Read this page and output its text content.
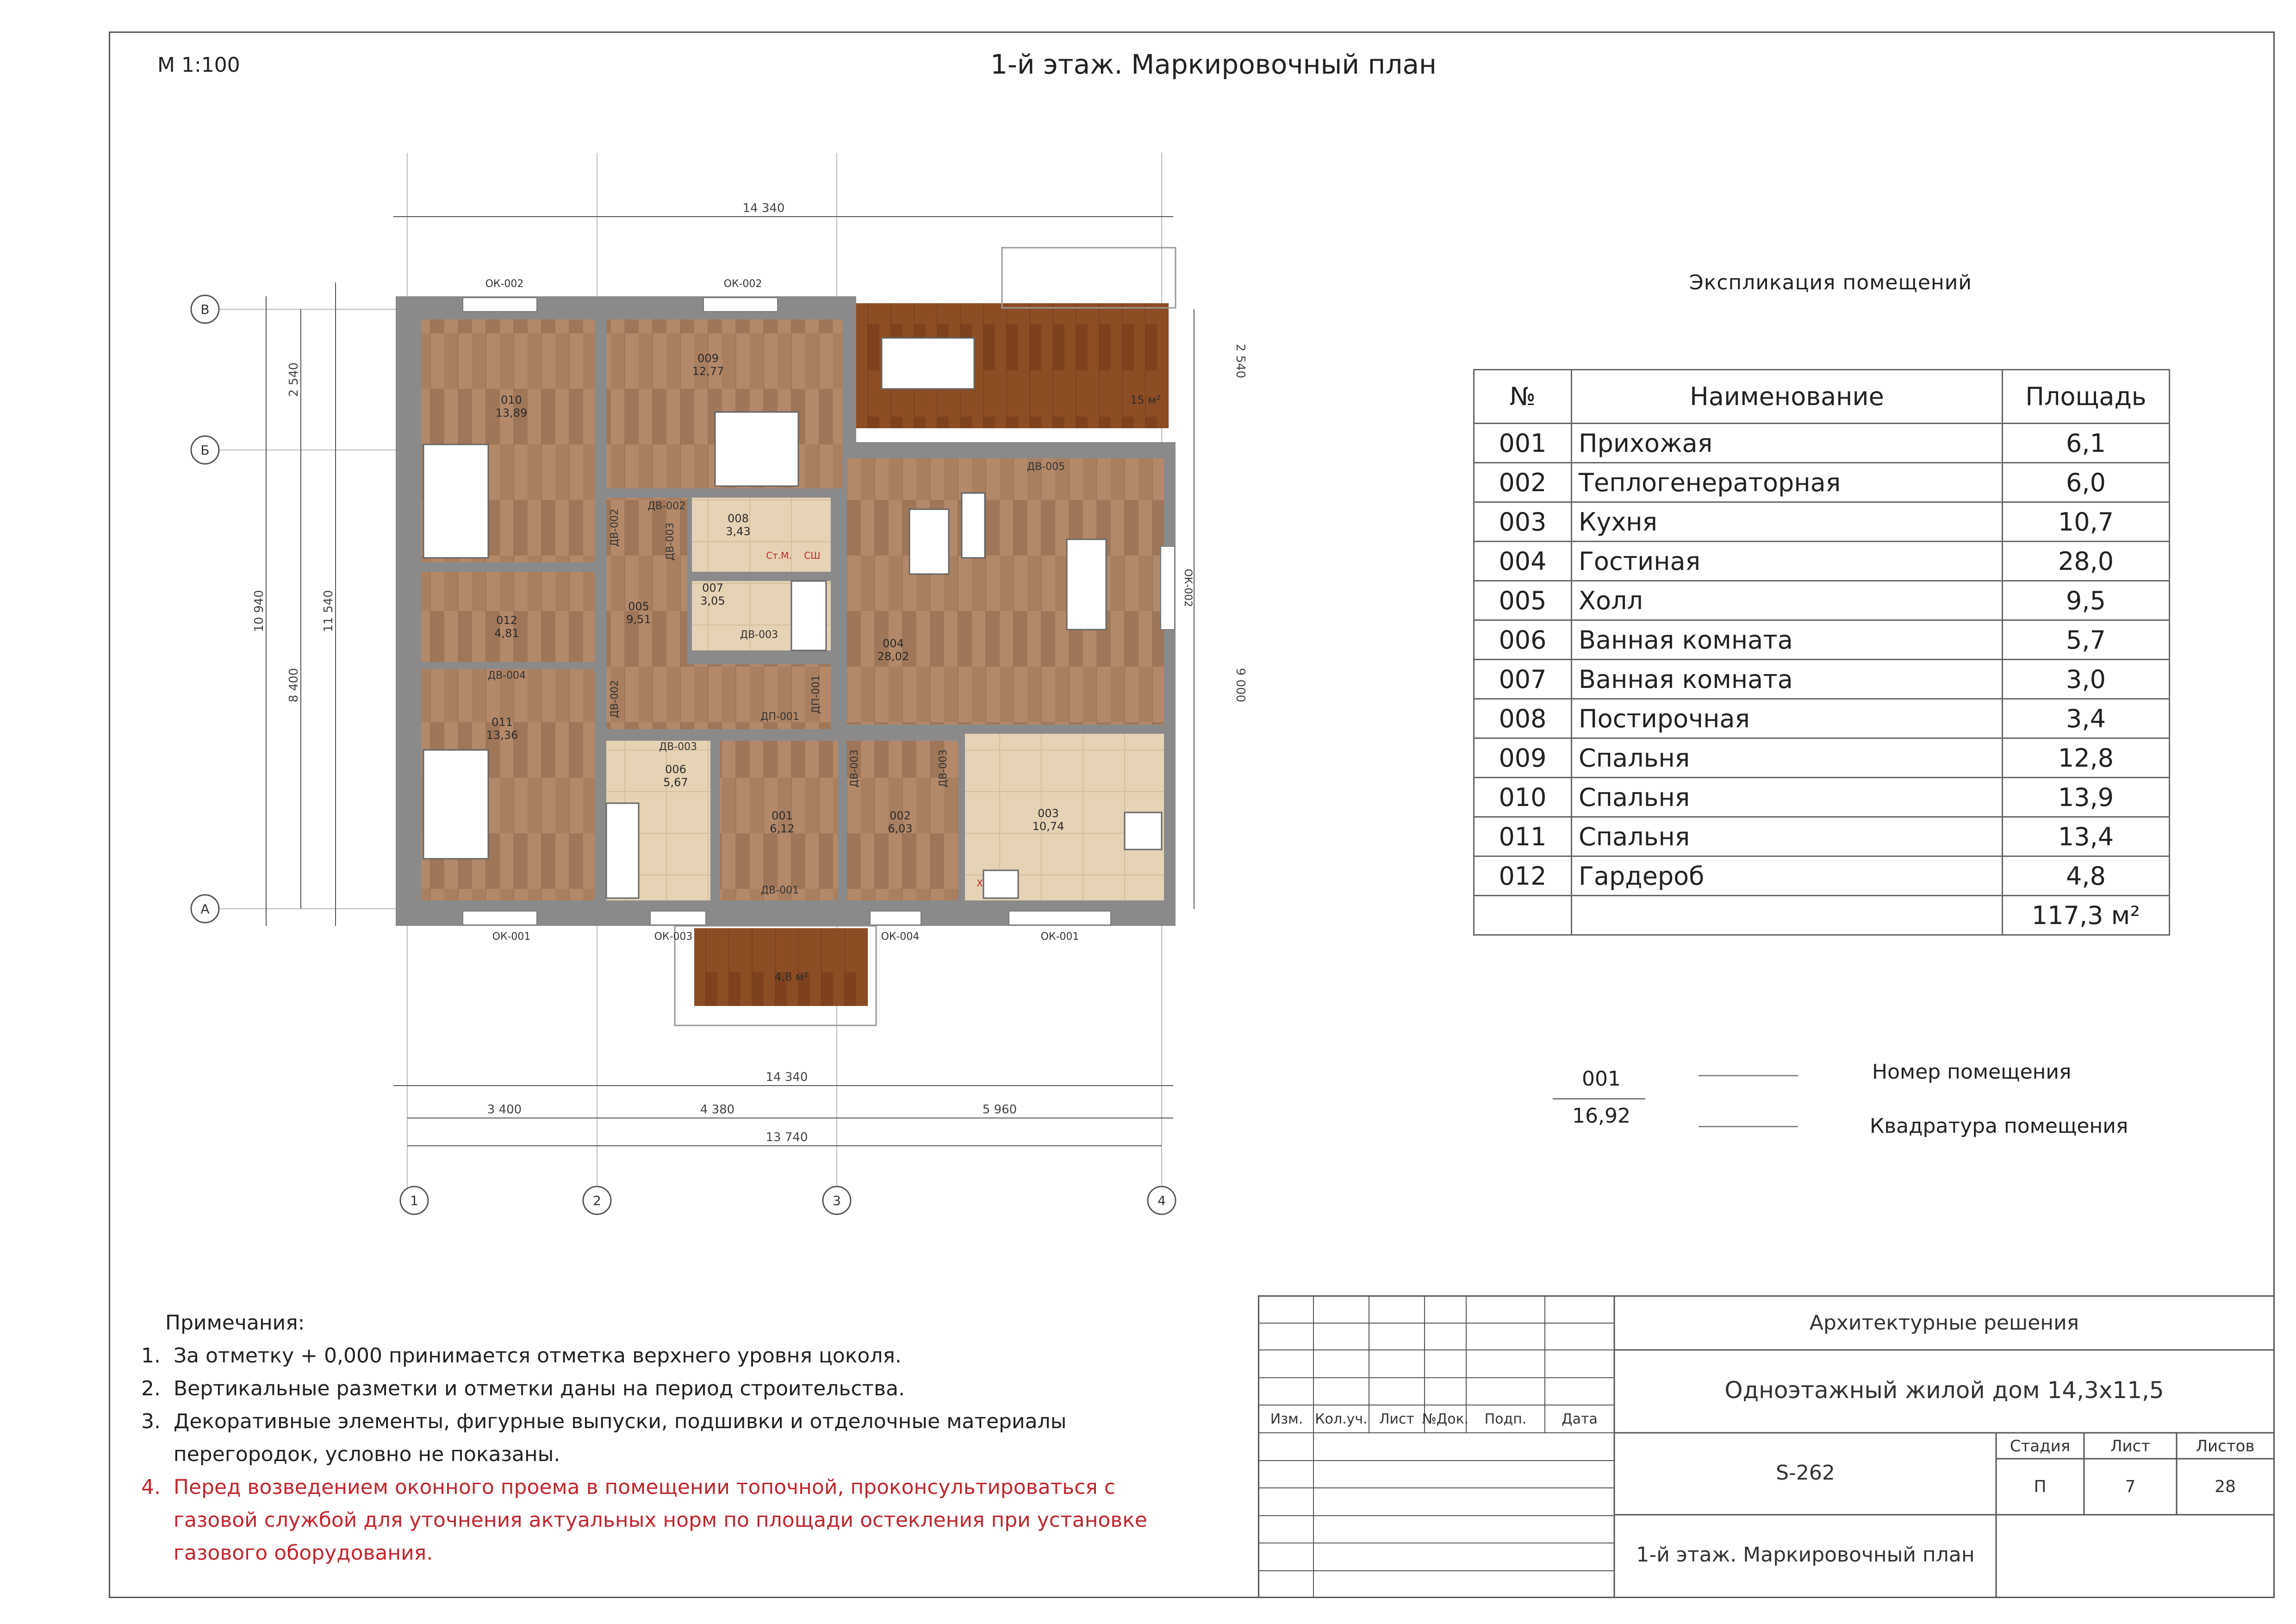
М 1:100	1-й этаж. Маркировочный план
14 340
14 340
3 400	4 380	5 960
13 740
10 940	11 540
2 540
8 400
2 540
9 000
В
Б
А
1	2	3	4
ОК-002	ОК-002
ОК-002
ОК-001	ОК-003	ОК-004	ОК-001
ДВ-005
ДВ-002
ДВ-002	ДВ-003
ДВ-003
ДВ-004
ДВ-002	ДП-001
ДП-001
ДВ-003
ДВ-003	ДВ-003
ДВ-001
010
13,89
009
12,77
008
3,43
007
3,05
012
4,81
005
9,51
004
28,02
011
13,36
006
5,67
001
6,12
002
6,03
003
10,74
15 м²
4,8 м²
Ст.М. СШ
X
Экспликация помещений
№	Наименование	Площадь
001	Прихожая	6,1
002	Теплогенераторная	6,0
003	Кухня	10,7
004	Гостиная	28,0
005	Холл	9,5
006	Ванная комната	5,7
007	Ванная комната	3,0
008	Постирочная	3,4
009	Спальня	12,8
010	Спальня	13,9
011	Спальня	13,4
012	Гардероб	4,8
		117,3 м²
001
16,92
Номер помещения
Квадратура помещения
Примечания:
1.  За отметку + 0,000 принимается отметка верхнего уровня цоколя.
2.  Вертикальные разметки и отметки даны на период строительства.
3.  Декоративные элементы, фигурные выпуски, подшивки и отделочные материалы
перегородок, условно не показаны.
4.  Перед возведением оконного проема в помещении топочной, проконсультироваться с
газовой службой для уточнения актуальных норм по площади остекления при установке
газового оборудования.
Изм. Кол.уч. Лист №Док. Подп.	Дата
Архитектурные решения
Одноэтажный жилой дом 14,3х11,5
S-262
1-й этаж. Маркировочный план
Стадия	Лист	Листов
П	7	28
